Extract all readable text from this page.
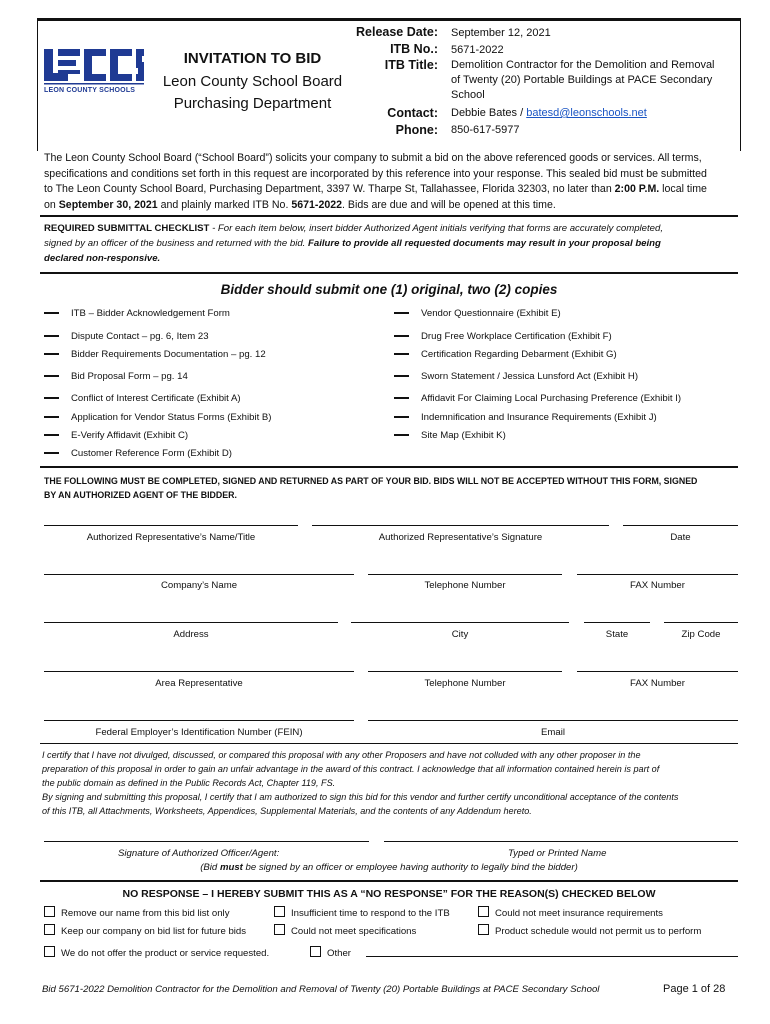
LEON COUNTY SCHOOLS
INVITATION TO BID
Leon County School Board
Purchasing Department
Release Date: September 12, 2021
ITB No.: 5671-2022
ITB Title: Demolition Contractor for the Demolition and Removal
of Twenty (20) Portable Buildings at PACE Secondary
School
Contact: Debbie Bates / batesd@leonschools.net
Phone: 850-617-5977
The Leon County School Board (“School Board”) solicits your company to submit a bid on the above referenced goods or services. All terms,
specifications and conditions set forth in this request are incorporated by this reference into your response. This sealed bid must be submitted
to The Leon County School Board, Purchasing Department, 3397 W. Tharpe St, Tallahassee, Florida 32303, no later than 2:00 P.M. local time
on September 30, 2021 and plainly marked ITB No. 5671-2022. Bids are due and will be opened at this time.
REQUIRED SUBMITTAL CHECKLIST - For each item below, insert bidder Authorized Agent initials verifying that forms are accurately completed,
signed by an officer of the business and returned with the bid. Failure to provide all requested documents may result in your proposal being
declared non-responsive.
Bidder should submit one (1) original, two (2) copies
ITB – Bidder Acknowledgement Form
Dispute Contact – pg. 6, Item 23
Bidder Requirements Documentation – pg. 12
Bid Proposal Form – pg. 14
Conflict of Interest Certificate (Exhibit A)
Application for Vendor Status Forms (Exhibit B)
E-Verify Affidavit (Exhibit C)
Customer Reference Form (Exhibit D)
Vendor Questionnaire (Exhibit E)
Drug Free Workplace Certification (Exhibit F)
Certification Regarding Debarment (Exhibit G)
Sworn Statement / Jessica Lunsford Act (Exhibit H)
Affidavit For Claiming Local Purchasing Preference (Exhibit I)
Indemnification and Insurance Requirements (Exhibit J)
Site Map (Exhibit K)
THE FOLLOWING MUST BE COMPLETED, SIGNED AND RETURNED AS PART OF YOUR BID. BIDS WILL NOT BE ACCEPTED WITHOUT THIS FORM, SIGNED
BY AN AUTHORIZED AGENT OF THE BIDDER.
Authorized Representative’s Name/Title	Authorized Representative’s Signature	Date
Company’s Name	Telephone Number	FAX Number
Address	City	State	Zip Code
Area Representative	Telephone Number	FAX Number
Federal Employer’s Identification Number (FEIN)	Email
I certify that I have not divulged, discussed, or compared this proposal with any other Proposers and have not colluded with any other proposer in the
preparation of this proposal in order to gain an unfair advantage in the award of this contract. I acknowledge that all information contained herein is part of
the public domain as defined in the Public Records Act, Chapter 119, FS.
By signing and submitting this proposal, I certify that I am authorized to sign this bid for this vendor and further certify unconditional acceptance of the contents
of this ITB, all Attachments, Worksheets, Appendices, Supplemental Materials, and the contents of any Addendum hereto.
Signature of Authorized Officer/Agent:	Typed or Printed Name
(Bid must be signed by an officer or employee having authority to legally bind the bidder)
NO RESPONSE – I HEREBY SUBMIT THIS AS A “NO RESPONSE” FOR THE REASON(S) CHECKED BELOW
Remove our name from this bid list only	Insufficient time to respond to the ITB	Could not meet insurance requirements
Keep our company on bid list for future bids	Could not meet specifications	Product schedule would not permit us to perform
We do not offer the product or service requested.	Other
Bid 5671-2022 Demolition Contractor for the Demolition and Removal of Twenty (20) Portable Buildings at PACE Secondary School	Page 1 of 28
